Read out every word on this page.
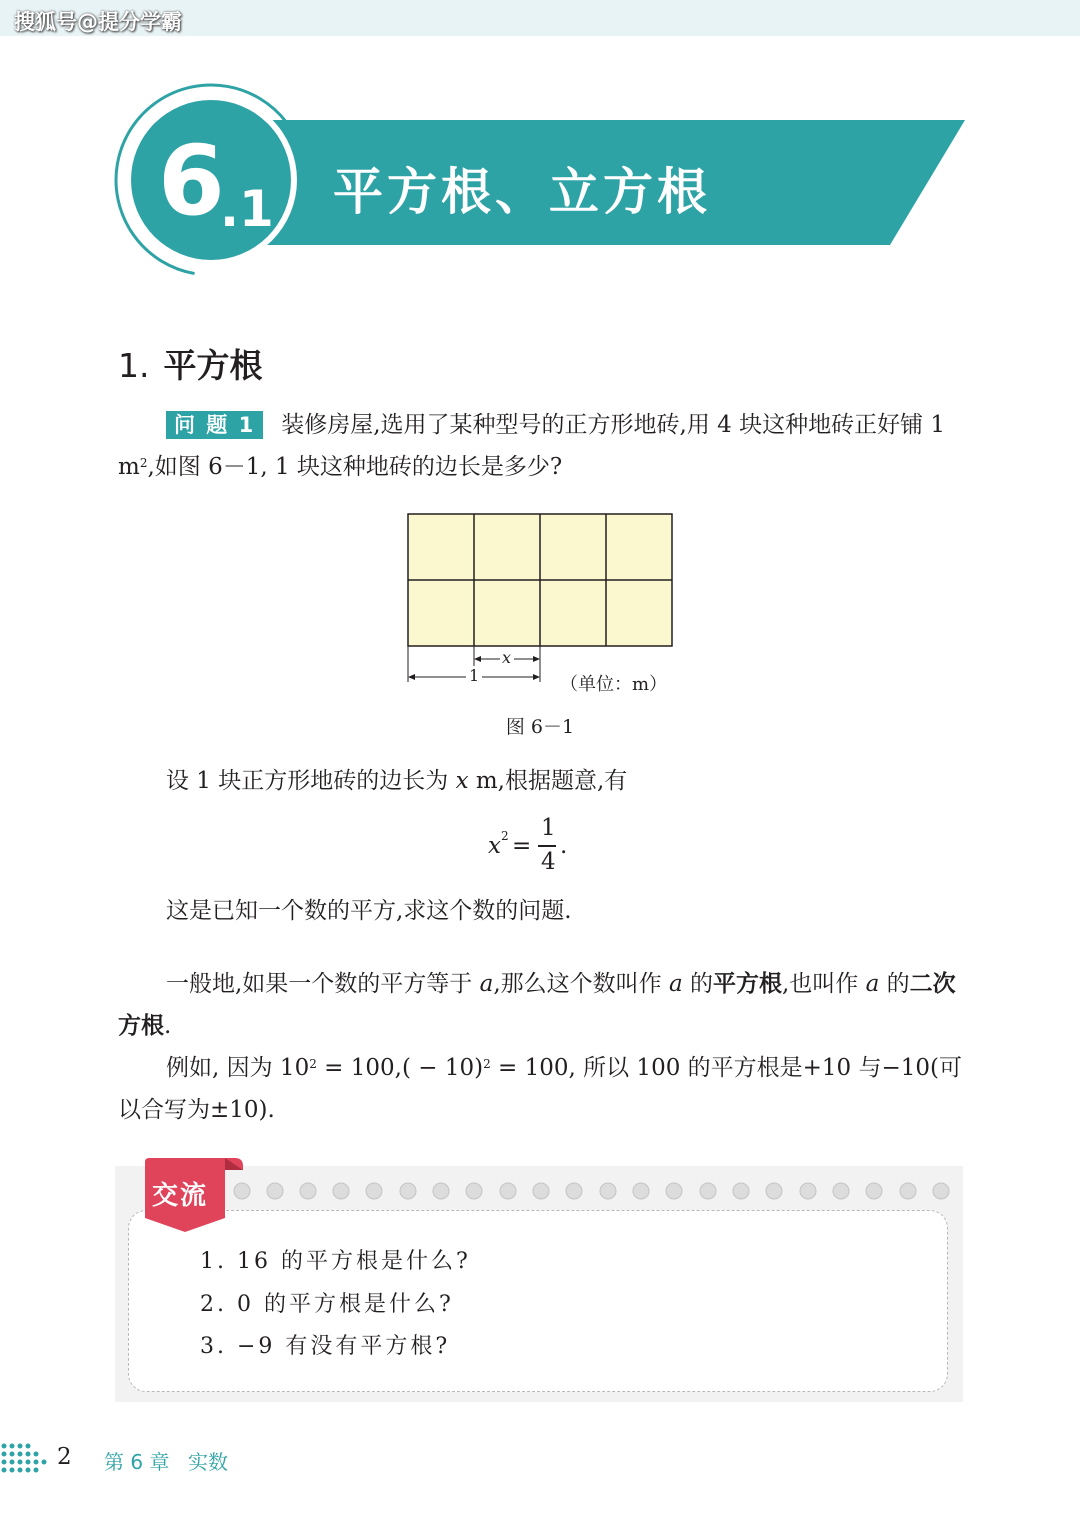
搜狐号@提分学霸
6
.1 平方根、立方根
1. 平方根
问 题 1 装修房屋,选用了某种型号的正方形地砖,用 4 块这种地砖正好铺 1 $m^2$,如图 6－1, 1 块这种地砖的边长是多少?
x
1	（单位：m）
图 6－1
设 1 块正方形地砖的边长为 x m,根据题意,有
x 2 =
1
4
.
这是已知一个数的平方,求这个数的问题.
一般地,如果一个数的平方等于 a,那么这个数叫作 a 的平方根,也叫作 a 的二次方根.
例如, 因为 $10^2 = 100,( - 10)^2 = 100$, 所以 100 的平方根是+10 与−10(可以合写为±10).
交流
1. 16 的平方根是什么?
2. 0 的平方根是什么?
3. −9 有没有平方根?
2 第 6 章 实数
